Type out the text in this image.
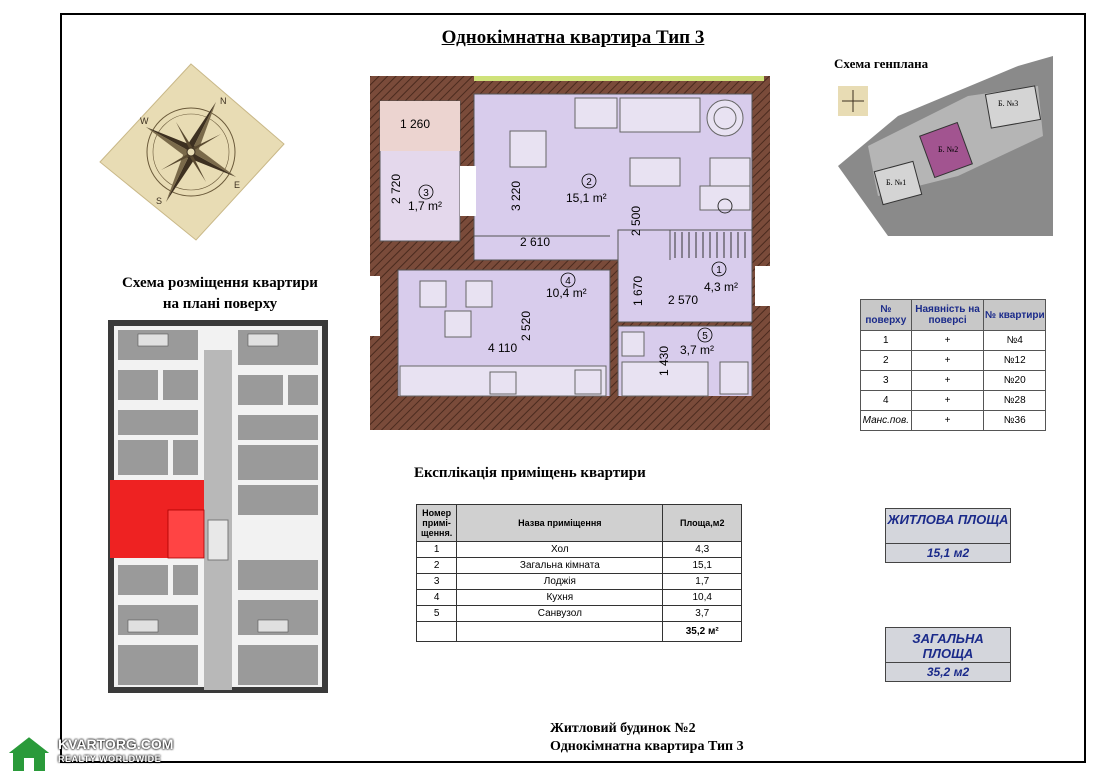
Однокімнатна квартира Тип 3
N
W
E
S
Схема розміщення квартири
на плані поверху
1 260
2 720	3 220
2 500
2 610
1 670 2 570
2 520
4 110	1 430
15,1 m²
1,7 m²
10,4 m²	4,3 m²
3,7 m²
2
3
4
1
5
Схема генплана
Б. №2
Б. №1
Б. №3
№ поверху	Наявність на поверсі	№ квартири
1	+	№4
2	+	№12
3	+	№20
4	+	№28
Манс.пов.	+	№36
Експлікація приміщень квартири
Номер примі-щення.	Назва приміщення	Площа,м2
1	Хол	4,3
2	Загальна кімната	15,1
3	Лоджія	1,7
4	Кухня	10,4
5	Санвузол	3,7
		35,2 м²
ЖИТЛОВА ПЛОЩА
15,1 м2
ЗАГАЛЬНА ПЛОЩА
35,2 м2
Житловий будинок №2
Однокімнатна квартира Тип 3
KVARTORG.COM
REALTY WORLDWIDE
